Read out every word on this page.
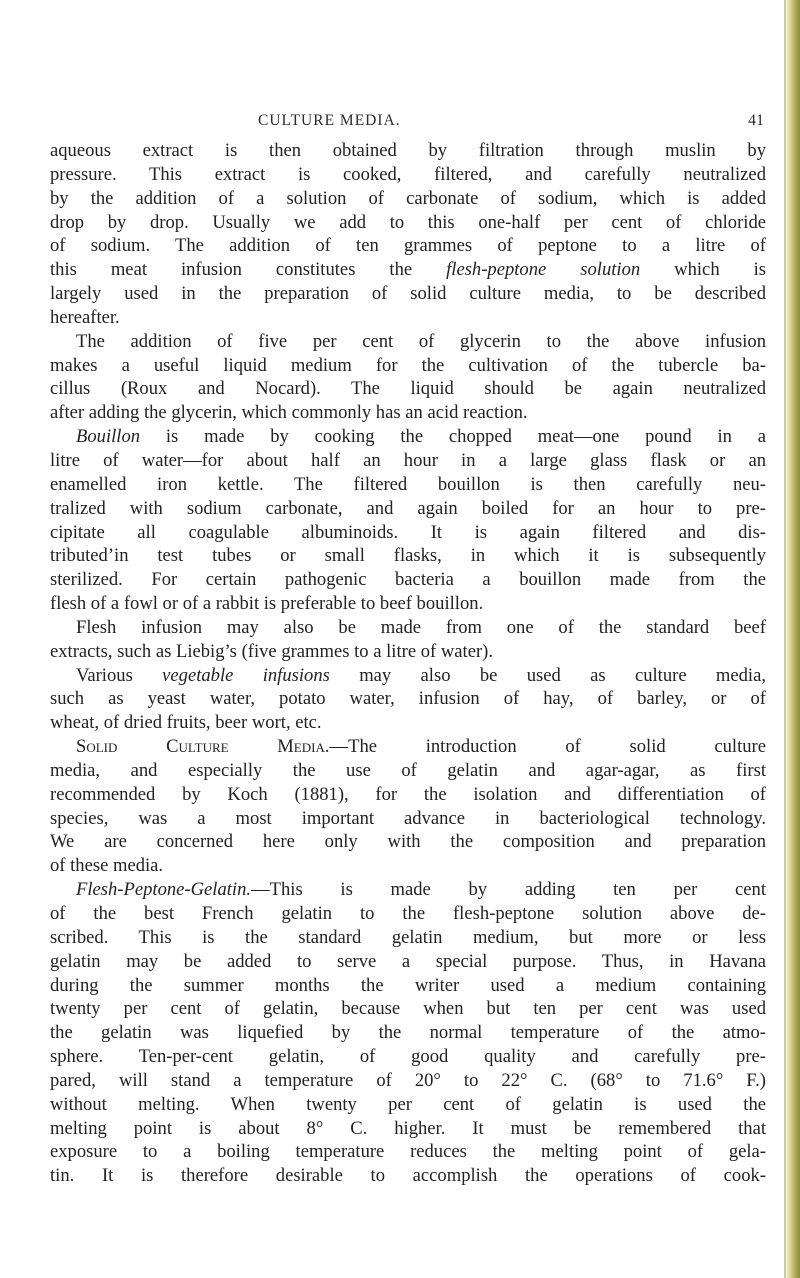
CULTURE MEDIA.	41
aqueous extract is then obtained by filtration through muslin by
pressure. This extract is cooked, filtered, and carefully neutralized
by the addition of a solution of carbonate of sodium, which is added
drop by drop. Usually we add to this one-half per cent of chloride
of sodium. The addition of ten grammes of peptone to a litre of
this meat infusion constitutes the flesh-peptone solution which is
largely used in the preparation of solid culture media, to be described
hereafter.
The addition of five per cent of glycerin to the above infusion
makes a useful liquid medium for the cultivation of the tubercle ba-
cillus (Roux and Nocard). The liquid should be again neutralized
after adding the glycerin, which commonly has an acid reaction.
Bouillon is made by cooking the chopped meat—one pound in a
litre of water—for about half an hour in a large glass flask or an
enamelled iron kettle. The filtered bouillon is then carefully neu-
tralized with sodium carbonate, and again boiled for an hour to pre-
cipitate all coagulable albuminoids. It is again filtered and dis-
tributed’in test tubes or small flasks, in which it is subsequently
sterilized. For certain pathogenic bacteria a bouillon made from the
flesh of a fowl or of a rabbit is preferable to beef bouillon.
Flesh infusion may also be made from one of the standard beef
extracts, such as Liebig’s (five grammes to a litre of water).
Various vegetable infusions may also be used as culture media,
such as yeast water, potato water, infusion of hay, of barley, or of
wheat, of dried fruits, beer wort, etc.
Solid Culture Media.—The introduction of solid culture
media, and especially the use of gelatin and agar-agar, as first
recommended by Koch (1881), for the isolation and differentiation of
species, was a most important advance in bacteriological technology.
We are concerned here only with the composition and preparation
of these media.
Flesh-Peptone-Gelatin.—This is made by adding ten per cent
of the best French gelatin to the flesh-peptone solution above de-
scribed. This is the standard gelatin medium, but more or less
gelatin may be added to serve a special purpose. Thus, in Havana
during the summer months the writer used a medium containing
twenty per cent of gelatin, because when but ten per cent was used
the gelatin was liquefied by the normal temperature of the atmo-
sphere. Ten-per-cent gelatin, of good quality and carefully pre-
pared, will stand a temperature of 20° to 22° C. (68° to 71.6° F.)
without melting. When twenty per cent of gelatin is used the
melting point is about 8° C. higher. It must be remembered that
exposure to a boiling temperature reduces the melting point of gela-
tin. It is therefore desirable to accomplish the operations of cook-
